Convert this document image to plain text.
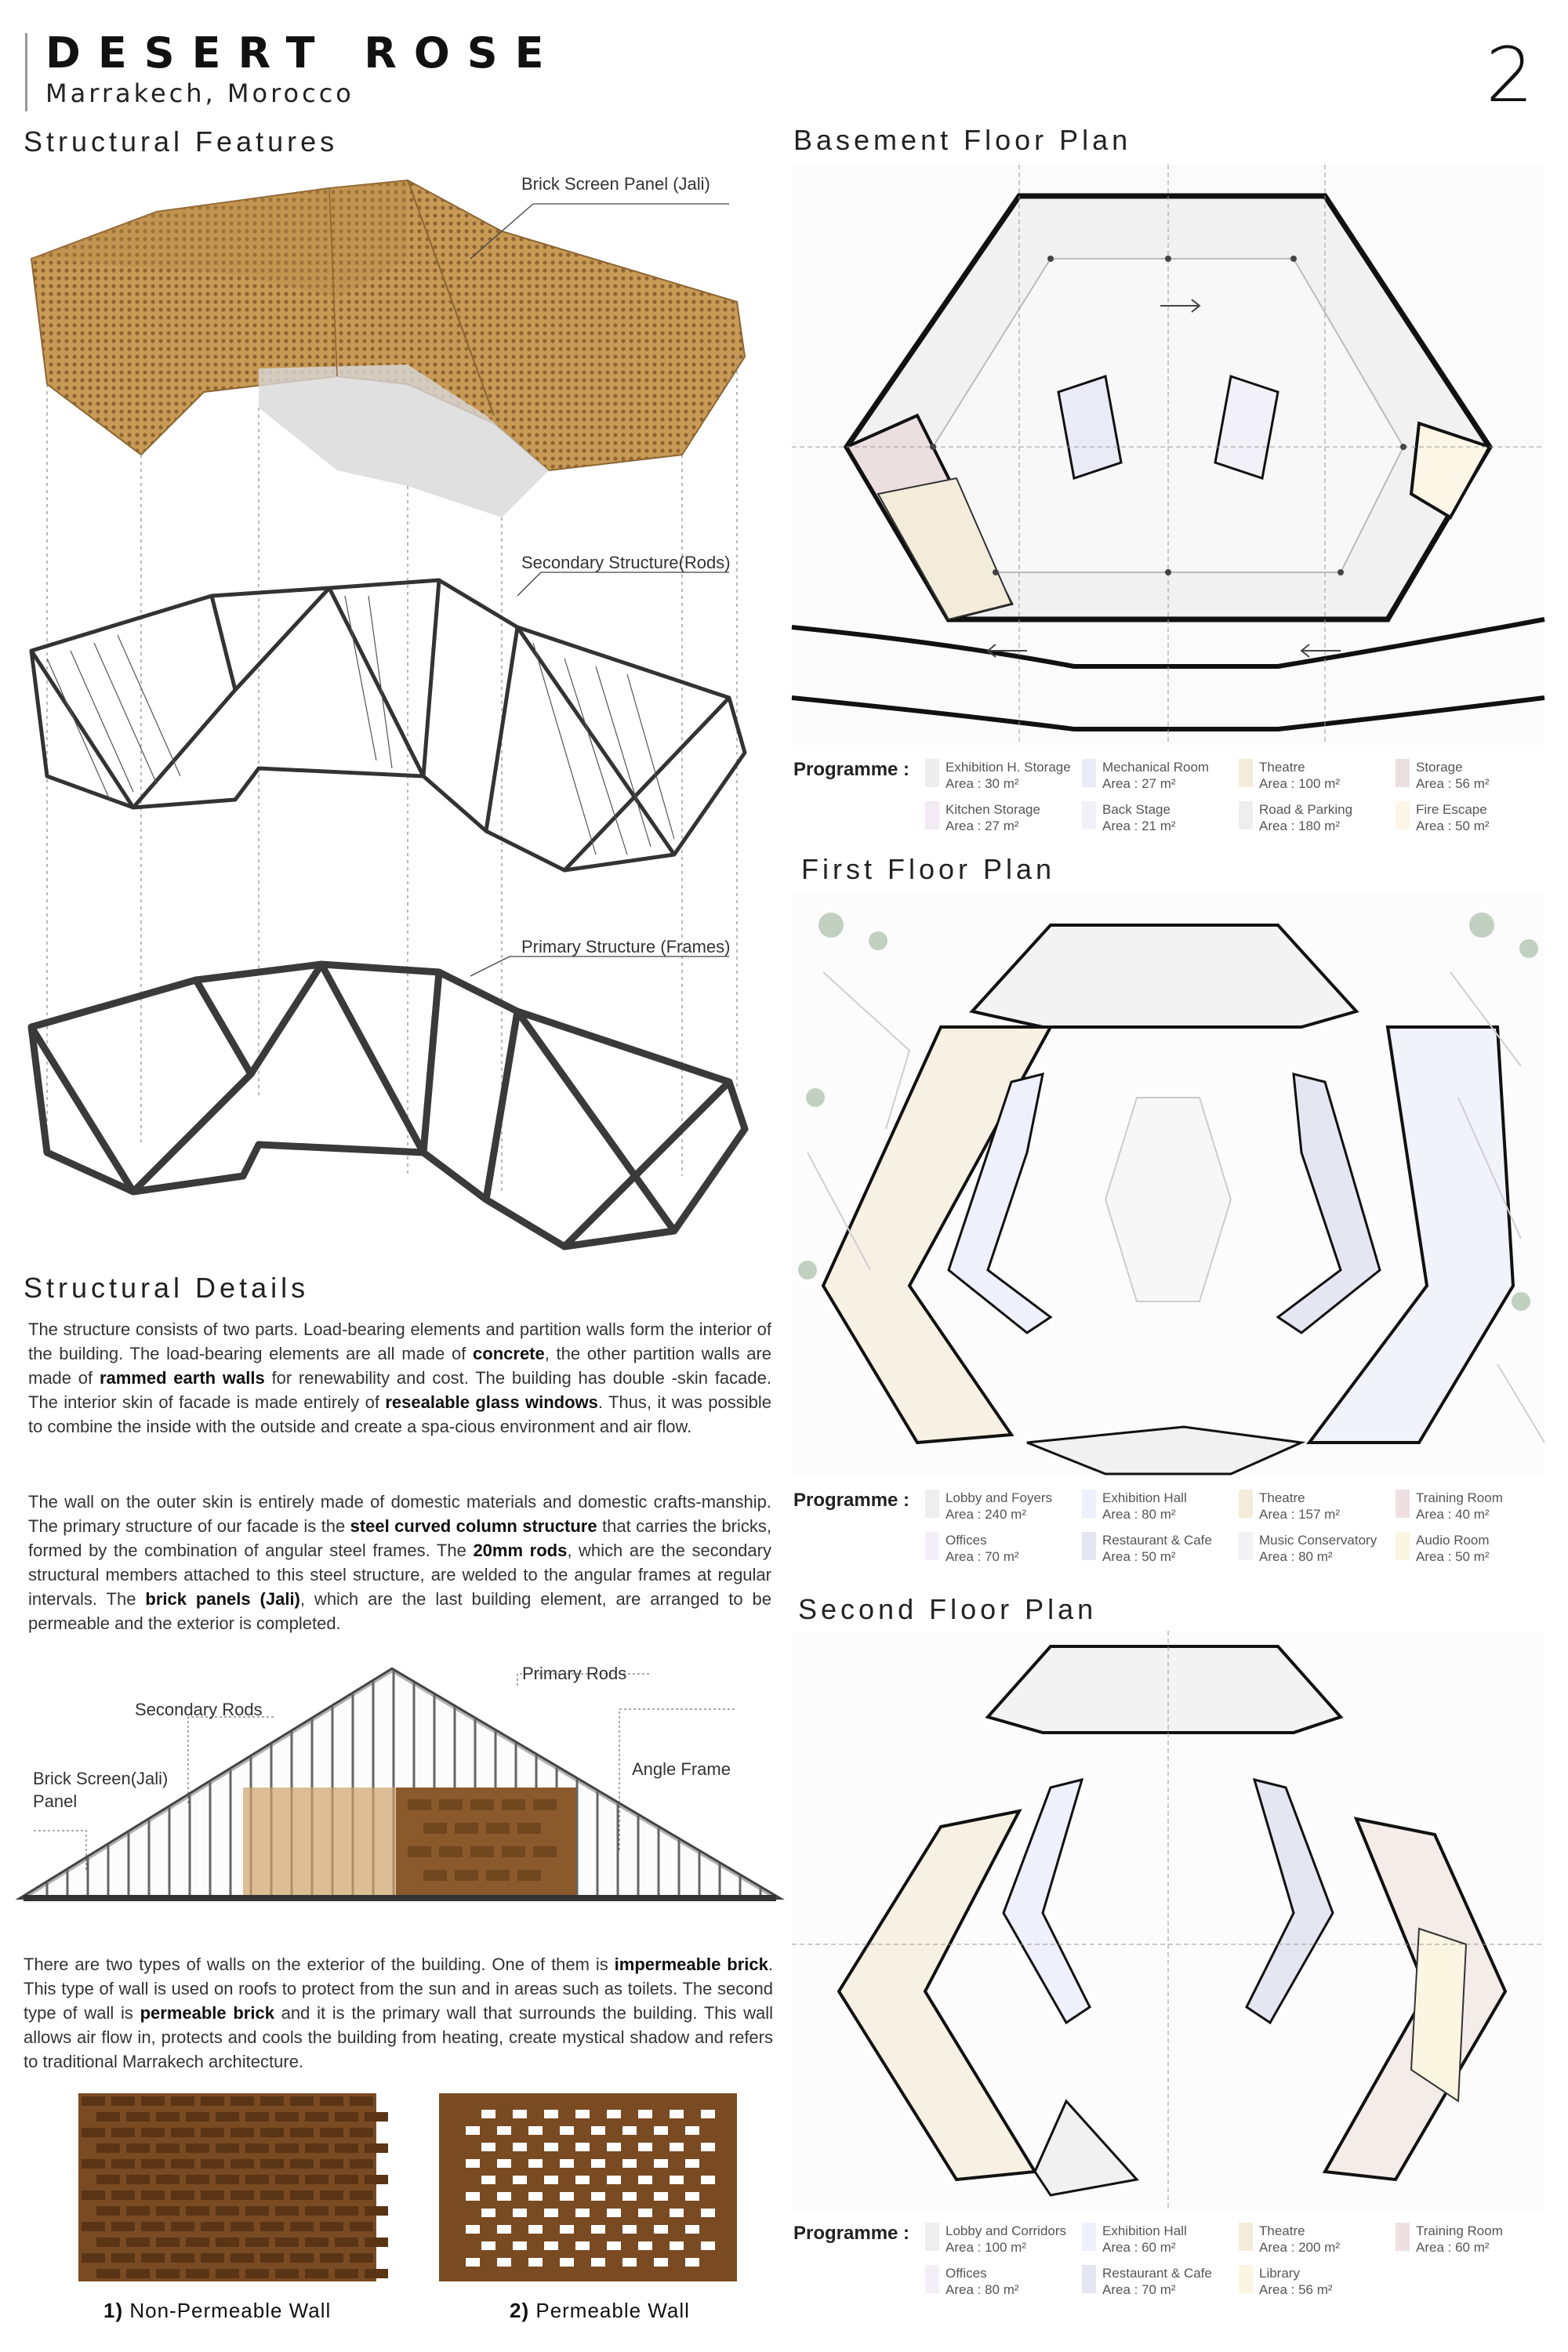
DESERT ROSE
Marrakech, Morocco	2
Structural Features
Brick Screen Panel (Jali)
Secondary Structure(Rods)
Primary Structure (Frames)
Structural Details
The structure consists of two parts. Load-bearing elements and partition walls form the interior of the building. The load-bearing elements are all made of concrete, the other partition walls are made of rammed earth walls for renewability and cost. The building has double -skin facade. The interior skin of facade is made entirely of resealable glass windows. Thus, it was possible to combine the inside with the outside and create a spa-cious environment and air flow.
The wall on the outer skin is entirely made of domestic materials and domestic crafts-manship. The primary structure of our facade is the steel curved column structure that carries the bricks, formed by the combination of angular steel frames. The 20mm rods, which are the secondary structural members attached to this steel structure, are welded to the angular frames at regular intervals. The brick panels (Jali), which are the last building element, are arranged to be permeable and the exterior is completed.
Primary Rods
Secondary Rods
Brick Screen(Jali)
Panel
Angle Frame
There are two types of walls on the exterior of the building. One of them is impermeable brick. This type of wall is used on roofs to protect from the sun and in areas such as toilets. The second type of wall is permeable brick and it is the primary wall that surrounds the building. This wall allows air flow in, protects and cools the building from heating, create mystical shadow and refers to traditional Marrakech architecture.
1) Non-Permeable Wall	2) Permeable Wall
Basement Floor Plan
Programme :	Exhibition H. Storage
Area : 30 m²
Mechanical Room
Area : 27 m²
Theatre
Area : 100 m²
Storage
Area : 56 m²
Kitchen Storage
Area : 27 m²
Back Stage
Area : 21 m²
Road & Parking
Area : 180 m²
Fire Escape
Area : 50 m²
First Floor Plan
Programme :	Lobby and Foyers
Area : 240 m²
Exhibition Hall
Area : 80 m²
Theatre
Area : 157 m²
Training Room
Area : 40 m²
Offices
Area : 70 m²
Restaurant & Cafe
Area : 50 m²
Music Conservatory
Area : 80 m²
Audio Room
Area : 50 m²
Second Floor Plan
Programme :	Lobby and Corridors
Area : 100 m²
Exhibition Hall
Area : 60 m²
Theatre
Area : 200 m²
Training Room
Area : 60 m²
Offices
Area : 80 m²
Restaurant & Cafe
Area : 70 m²
Library
Area : 56 m²
